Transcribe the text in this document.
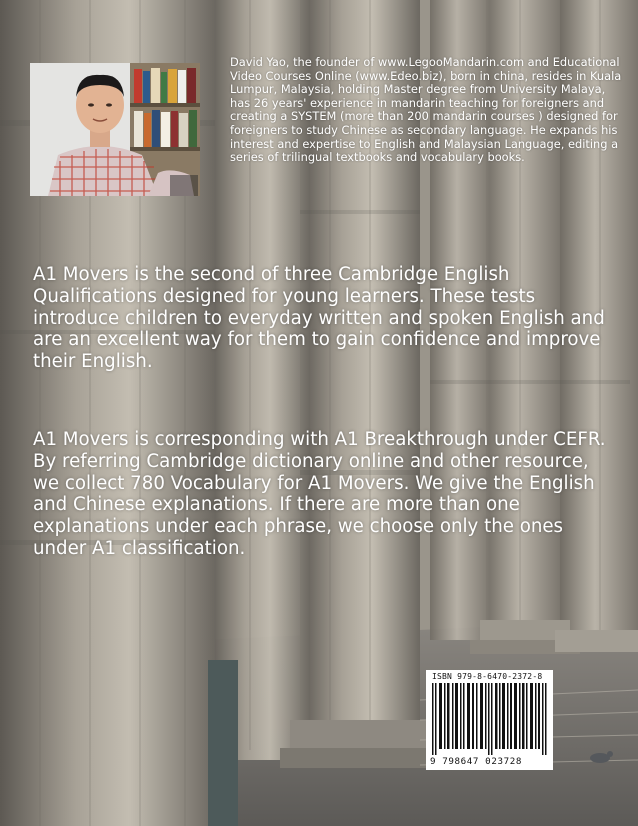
David Yao, the founder of www.LegooMandarin.com and Educational Video Courses Online (www.Edeo.biz), born in china, resides in Kuala Lumpur, Malaysia, holding Master degree from University Malaya, has 26 years' experience in mandarin teaching for foreigners and creating a SYSTEM (more than 200 mandarin courses ) designed for foreigners to study Chinese as secondary language. He expands his interest and expertise to English and Malaysian Language, editing a series of trilingual textbooks and vocabulary books.

A1 Movers is the second of three Cambridge English Qualifications designed for young learners. These tests introduce children to everyday written and spoken English and are an excellent way for them to gain confidence and improve their English.

A1 Movers is corresponding with A1 Breakthrough under CEFR. By referring Cambridge dictionary online and other resource, we collect 780 Vocabulary for A1 Movers. We give the English and Chinese explanations. If there are more than one explanations under each phrase, we choose only the ones under A1 classification.

ISBN 979-8-6470-2372-8
9 798647 023728
